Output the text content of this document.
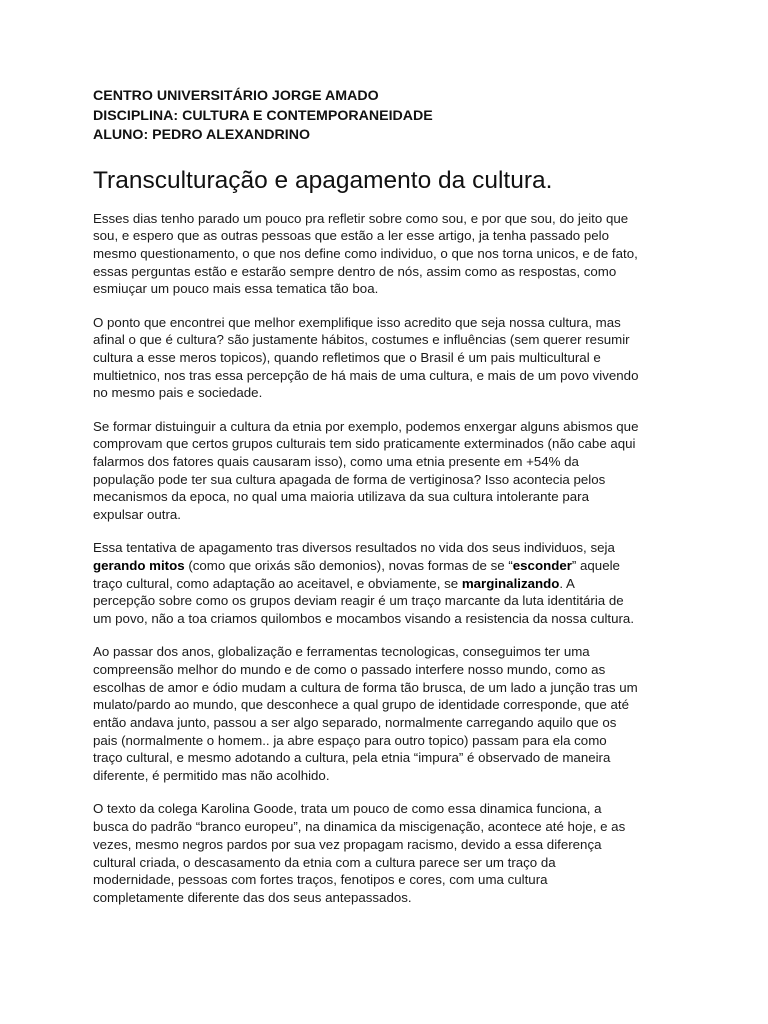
CENTRO UNIVERSITÁRIO JORGE AMADO

DISCIPLINA: CULTURA E CONTEMPORANEIDADE

ALUNO: PEDRO ALEXANDRINO

Transculturação e apagamento da cultura.
Esses dias tenho parado um pouco pra refletir sobre como sou, e por que sou, do jeito que
sou, e espero que as outras pessoas que estão a ler esse artigo, ja tenha passado pelo
mesmo questionamento, o que nos define como individuo, o que nos torna unicos, e de fato,
essas perguntas estão e estarão sempre dentro de nós, assim como as respostas, como
esmiuçar um pouco mais essa tematica tão boa.
O ponto que encontrei que melhor exemplifique isso acredito que seja nossa cultura, mas
afinal o que é cultura? são justamente hábitos, costumes e influências (sem querer resumir
cultura a esse meros topicos), quando refletimos que o Brasil é um pais multicultural e
multietnico, nos tras essa percepção de há mais de uma cultura, e mais de um povo vivendo
no mesmo pais e sociedade.
Se formar distuinguir a cultura da etnia por exemplo, podemos enxergar alguns abismos que
comprovam que certos grupos culturais tem sido praticamente exterminados (não cabe aqui
falarmos dos fatores quais causaram isso), como uma etnia presente em +54% da
população pode ter sua cultura apagada de forma de vertiginosa? Isso acontecia pelos
mecanismos da epoca, no qual uma maioria utilizava da sua cultura intolerante para
expulsar outra.
Essa tentativa de apagamento tras diversos resultados no vida dos seus individuos, seja
gerando mitos (como que orixás são demonios), novas formas de se “esconder” aquele
traço cultural, como adaptação ao aceitavel, e obviamente, se marginalizando. A
percepção sobre como os grupos deviam reagir é um traço marcante da luta identitária de
um povo, não a toa criamos quilombos e mocambos visando a resistencia da nossa cultura.
Ao passar dos anos, globalização e ferramentas tecnologicas, conseguimos ter uma
compreensão melhor do mundo e de como o passado interfere nosso mundo, como as
escolhas de amor e ódio mudam a cultura de forma tão brusca, de um lado a junção tras um
mulato/pardo ao mundo, que desconhece a qual grupo de identidade corresponde, que até
então andava junto, passou a ser algo separado, normalmente carregando aquilo que os
pais (normalmente o homem.. ja abre espaço para outro topico) passam para ela como
traço cultural, e mesmo adotando a cultura, pela etnia “impura” é observado de maneira
diferente, é permitido mas não acolhido.
O texto da colega Karolina Goode, trata um pouco de como essa dinamica funciona, a
busca do padrão “branco europeu”, na dinamica da miscigenação, acontece até hoje, e as
vezes, mesmo negros pardos por sua vez propagam racismo, devido a essa diferença
cultural criada, o descasamento da etnia com a cultura parece ser um traço da
modernidade, pessoas com fortes traços, fenotipos e cores, com uma cultura
completamente diferente das dos seus antepassados.
